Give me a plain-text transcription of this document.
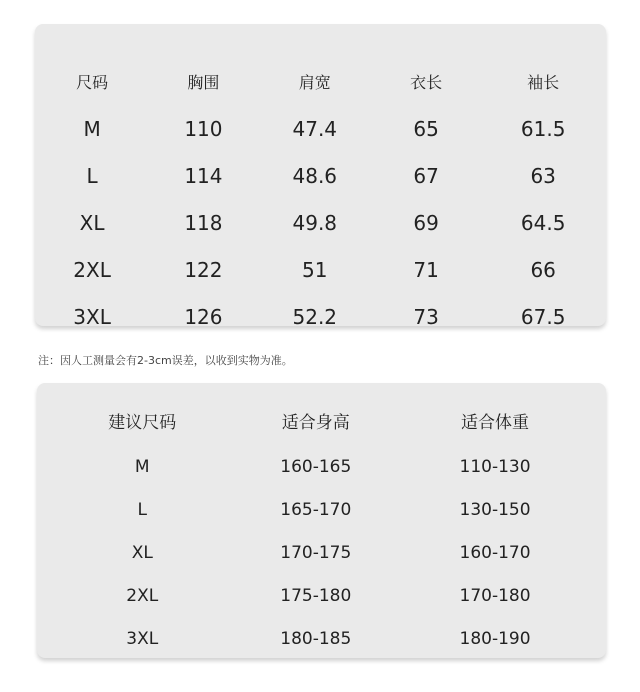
尺码	胸围	肩宽	衣长	袖长
M	110	47.4	65	61.5
L	114	48.6	67	63
XL	118	49.8	69	64.5
2XL	122	51	71	66
3XL	126	52.2	73	67.5
注：因人工测量会有2-3cm误差，以收到实物为准。
建议尺码	适合身高	适合体重
M	160-165	110-130
L	165-170	130-150
XL	170-175	160-170
2XL	175-180	170-180
3XL	180-185	180-190
